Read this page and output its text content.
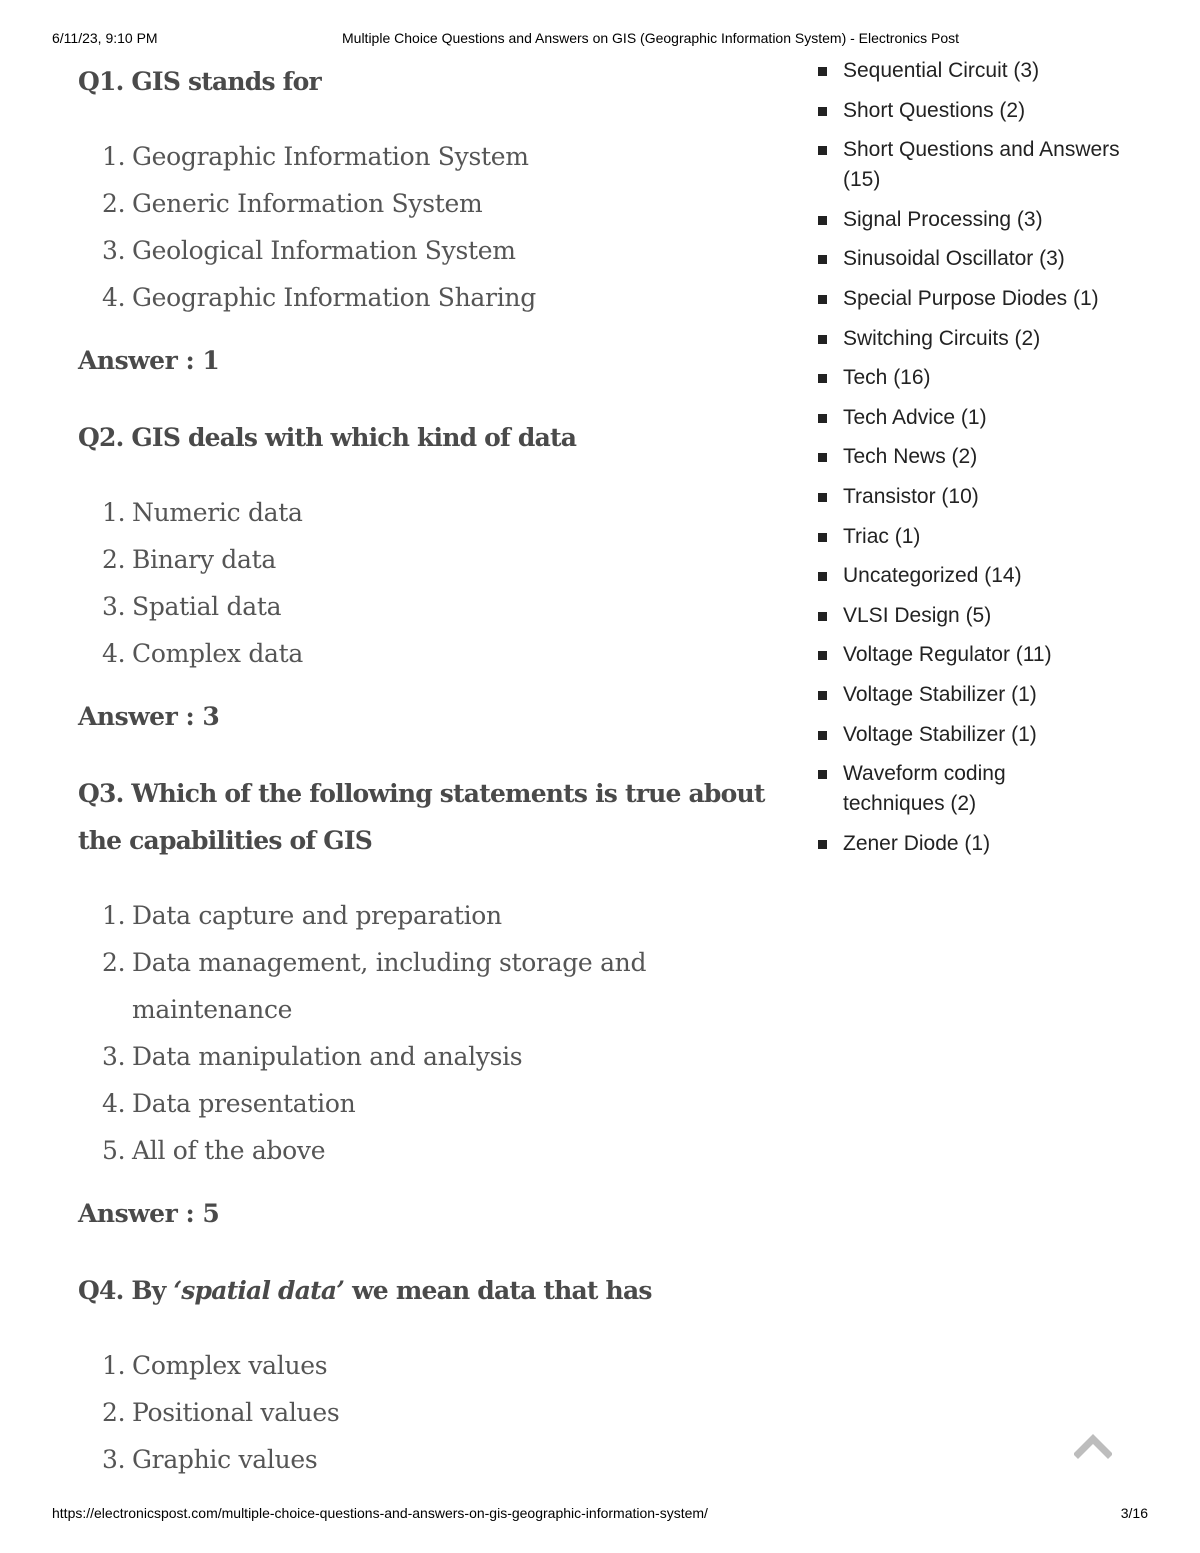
6/11/23, 9:10 PM	Multiple Choice Questions and Answers on GIS (Geographic Information System) - Electronics Post
Q1. GIS stands for
1. Geographic Information System
2. Generic Information System
3. Geological Information System
4. Geographic Information Sharing

Answer : 1

Q2. GIS deals with which kind of data
1. Numeric data
2. Binary data
3. Spatial data
4. Complex data

Answer : 3

Q3. Which of the following statements is true about the capabilities of GIS
1. Data capture and preparation
2. Data management, including storage and maintenance
3. Data manipulation and analysis
4. Data presentation
5. All of the above

Answer : 5

Q4. By ‘spatial data’ we mean data that has
1. Complex values
2. Positional values
3. Graphic values
Sequential Circuit (3)
Short Questions (2)
Short Questions and Answers (15)
Signal Processing (3)
Sinusoidal Oscillator (3)
Special Purpose Diodes (1)
Switching Circuits (2)
Tech (16)
Tech Advice (1)
Tech News (2)
Transistor (10)
Triac (1)
Uncategorized (14)
VLSI Design (5)
Voltage Regulator (11)
Voltage Stabilizer (1)
Voltage Stabilizer (1)
Waveform coding techniques (2)
Zener Diode (1)
https://electronicspost.com/multiple-choice-questions-and-answers-on-gis-geographic-information-system/	3/16
